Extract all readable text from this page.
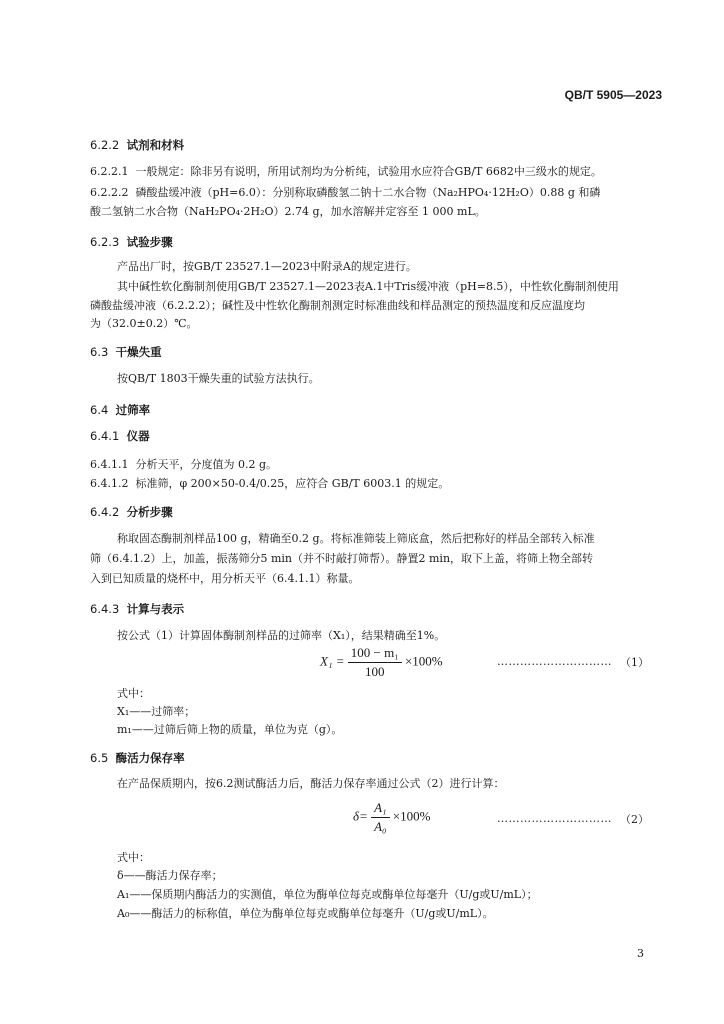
QB/T 5905—2023
6.2.2 试剂和材料
6.2.2.1 一般规定：除非另有说明，所用试剂均为分析纯，试验用水应符合GB/T 6682中三级水的规定。
6.2.2.2 磷酸盐缓冲液（pH=6.0）：分别称取磷酸氢二钠十二水合物（Na₂HPO₄·12H₂O）0.88 g 和磷
酸二氢钠二水合物（NaH₂PO₄·2H₂O）2.74 g，加水溶解并定容至 1 000 mL。
6.2.3 试验步骤
产品出厂时，按GB/T 23527.1—2023中附录A的规定进行。
其中碱性软化酶制剂使用GB/T 23527.1—2023表A.1中Tris缓冲液（pH=8.5），中性软化酶制剂使用
磷酸盐缓冲液（6.2.2.2）；碱性及中性软化酶制剂测定时标准曲线和样品测定的预热温度和反应温度均
为（32.0±0.2）℃。
6.3 干燥失重
按QB/T 1803干燥失重的试验方法执行。
6.4 过筛率
6.4.1 仪器
6.4.1.1 分析天平，分度值为 0.2 g。
6.4.1.2 标准筛，φ 200×50-0.4/0.25，应符合 GB/T 6003.1 的规定。
6.4.2 分析步骤
称取固态酶制剂样品100 g，精确至0.2 g。将标准筛装上筛底盒，然后把称好的样品全部转入标准
筛（6.4.1.2）上，加盖，振荡筛分5 min（并不时敲打筛帮）。静置2 min，取下上盖，将筛上物全部转
入到已知质量的烧杯中，用分析天平（6.4.1.1）称量。
6.4.3 计算与表示
按公式（1）计算固体酶制剂样品的过筛率（X₁），结果精确至1%。
$X_1 = \frac{\text{100 − m₁}}{100} \times 100\%$	………………………… （1）
式中：
X₁——过筛率；
m₁——过筛后筛上物的质量，单位为克（g）。
6.5 酶活力保存率
在产品保质期内，按6.2测试酶活力后，酶活力保存率通过公式（2）进行计算：
$\delta= \frac{\text{A₁}}{\text{A₀}} \times 100\%$	………………………… （2）
式中：
δ——酶活力保存率；
A₁——保质期内酶活力的实测值，单位为酶单位每克或酶单位每毫升（U/g或U/mL）；
A₀——酶活力的标称值，单位为酶单位每克或酶单位每毫升（U/g或U/mL）。
3
